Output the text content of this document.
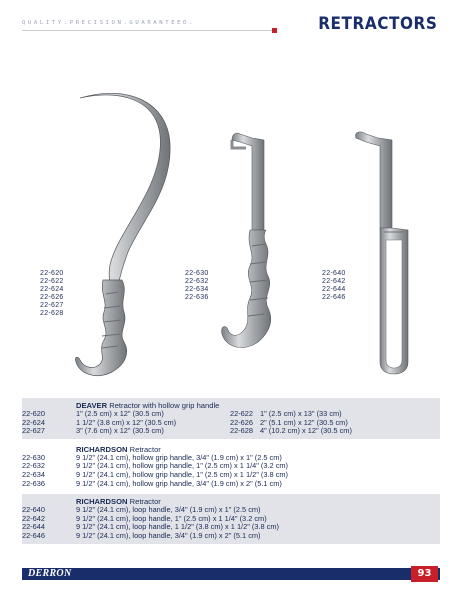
QUALITY.PRECISION.GUARANTEED.	RETRACTORS
22-620
22-622
22-624
22-626
22-627
22-628
22-630
22-632
22-634
22-636
22-640
22-642
22-644
22-646
DEAVER Retractor with hollow grip handle
22-620	1" (2.5 cm) x 12" (30.5 cm)	22-622 1" (2.5 cm) x 13" (33 cm)
22-624	1 1/2" (3.8 cm) x 12" (30.5 cm)	22-626 2" (5.1 cm) x 12" (30.5 cm)
22-627	3" (7.6 cm) x 12" (30.5 cm)	22-628 4" (10.2 cm) x 12" (30.5 cm)
RICHARDSON Retractor
22-630	9 1/2" (24.1 cm), hollow grip handle, 3/4" (1.9 cm) x 1" (2.5 cm)
22-632	9 1/2" (24.1 cm), hollow grip handle, 1" (2.5 cm) x 1 1/4" (3.2 cm)
22-634	9 1/2" (24.1 cm), hollow grip handle, 1" (2.5 cm) x 1 1/2" (3.8 cm)
22-636	9 1/2" (24.1 cm), hollow grip handle, 3/4" (1.9 cm) x 2" (5.1 cm)
RICHARDSON Retractor
22-640	9 1/2" (24.1 cm), loop handle, 3/4" (1.9 cm) x 1" (2.5 cm)
22-642	9 1/2" (24.1 cm), loop handle, 1" (2.5 cm) x 1 1/4" (3.2 cm)
22-644	9 1/2" (24.1 cm), loop handle, 1 1/2" (3.8 cm) x 1 1/2" (3.8 cm)
22-646	9 1/2" (24.1 cm), loop handle, 3/4" (1.9 cm) x 2" (5.1 cm)
DERRON	93
